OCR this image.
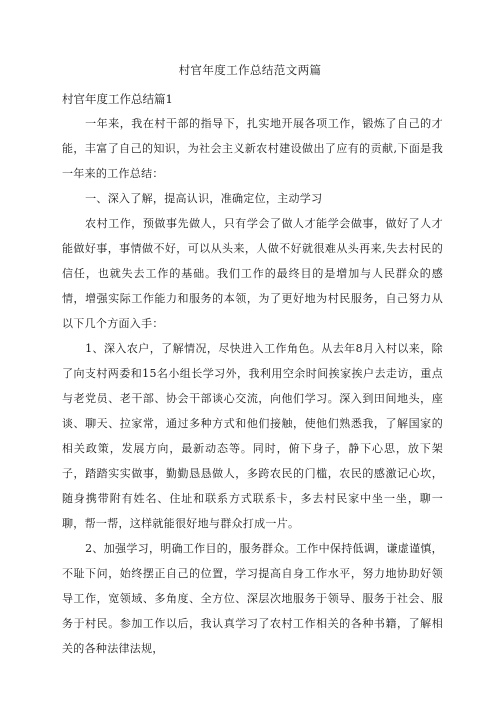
村官年度工作总结范文两篇
村官年度工作总结篇1

一年来，我在村干部的指导下，扎实地开展各项工作，锻炼了自己的才能，丰富了自己的知识，为社会主义新农村建设做出了应有的贡献,下面是我一年来的工作总结：

一、深入了解，提高认识，准确定位，主动学习

农村工作，预做事先做人，只有学会了做人才能学会做事，做好了人才能做好事，事情做不好，可以从头来，人做不好就很难从头再来,失去村民的信任，也就失去工作的基础。我们工作的最终目的是增加与人民群众的感情，增强实际工作能力和服务的本领，为了更好地为村民服务，自己努力从以下几个方面入手：

1、深入农户，了解情况，尽快进入工作角色。从去年8月入村以来，除了向支村两委和15名小组长学习外，我利用空余时间挨家挨户去走访，重点与老党员、老干部、协会干部谈心交流，向他们学习。深入到田间地头，座谈、聊天、拉家常，通过多种方式和他们接触，使他们熟悉我，了解国家的相关政策，发展方向，最新动态等。同时，俯下身子，静下心思，放下架子，踏踏实实做事，勤勤恳恳做人，多跨农民的门槛，农民的感激记心坎，随身携带附有姓名、住址和联系方式联系卡，多去村民家中坐一坐，聊一聊，帮一帮，这样就能很好地与群众打成一片。

2、加强学习，明确工作目的，服务群众。工作中保持低调，谦虚谨慎，不耻下问，始终摆正自己的位置，学习提高自身工作水平，努力地协助好领导工作，宽领域、多角度、全方位、深层次地服务于领导、服务于社会、服务于村民。参加工作以后，我认真学习了农村工作相关的各种书籍，了解相关的各种法律法规，
